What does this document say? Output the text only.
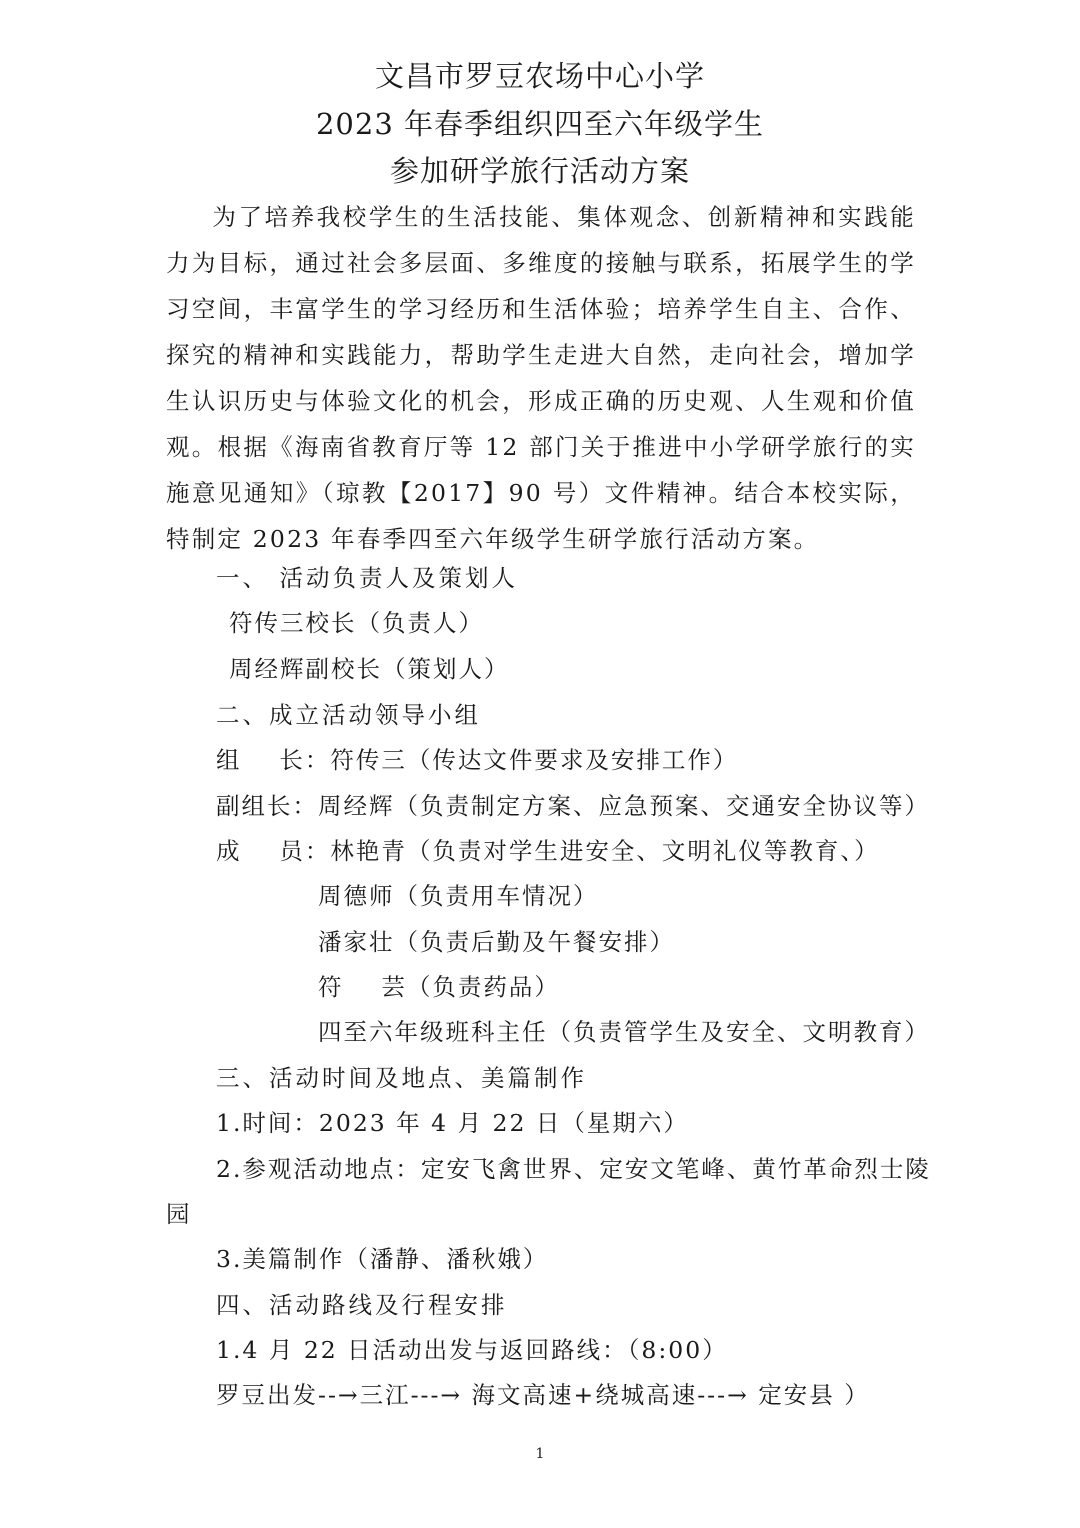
文昌市罗豆农场中心小学
2023 年春季组织四至六年级学生
参加研学旅行活动方案

为了培养我校学生的生活技能、集体观念、创新精神和实践能力为目标，通过社会多层面、多维度的接触与联系，拓展学生的学习空间，丰富学生的学习经历和生活体验；培养学生自主、合作、探究的精神和实践能力，帮助学生走进大自然，走向社会，增加学生认识历史与体验文化的机会，形成正确的历史观、人生观和价值观。根据《海南省教育厅等 12 部门关于推进中小学研学旅行的实施意见通知》（琼教【2017】90 号）文件精神。结合本校实际，特制定 2023 年春季四至六年级学生研学旅行活动方案。

一、 活动负责人及策划人
符传三校长（负责人）
周经辉副校长（策划人）
二、成立活动领导小组
组    长：符传三（传达文件要求及安排工作）
副组长：周经辉（负责制定方案、应急预案、交通安全协议等）
成    员：林艳青（负责对学生进安全、文明礼仪等教育、）
周德师（负责用车情况）
潘家壮（负责后勤及午餐安排）
符    芸（负责药品）
四至六年级班科主任（负责管学生及安全、文明教育）
三、活动时间及地点、美篇制作
1.时间：2023 年 4 月 22 日（星期六）
2.参观活动地点：定安飞禽世界、定安文笔峰、黄竹革命烈士陵
园
3.美篇制作（潘静、潘秋娥）
四、活动路线及行程安排
1.4 月 22 日活动出发与返回路线：（8:00）
罗豆出发--→三江---→ 海文高速+绕城高速---→ 定安县 ）
1
